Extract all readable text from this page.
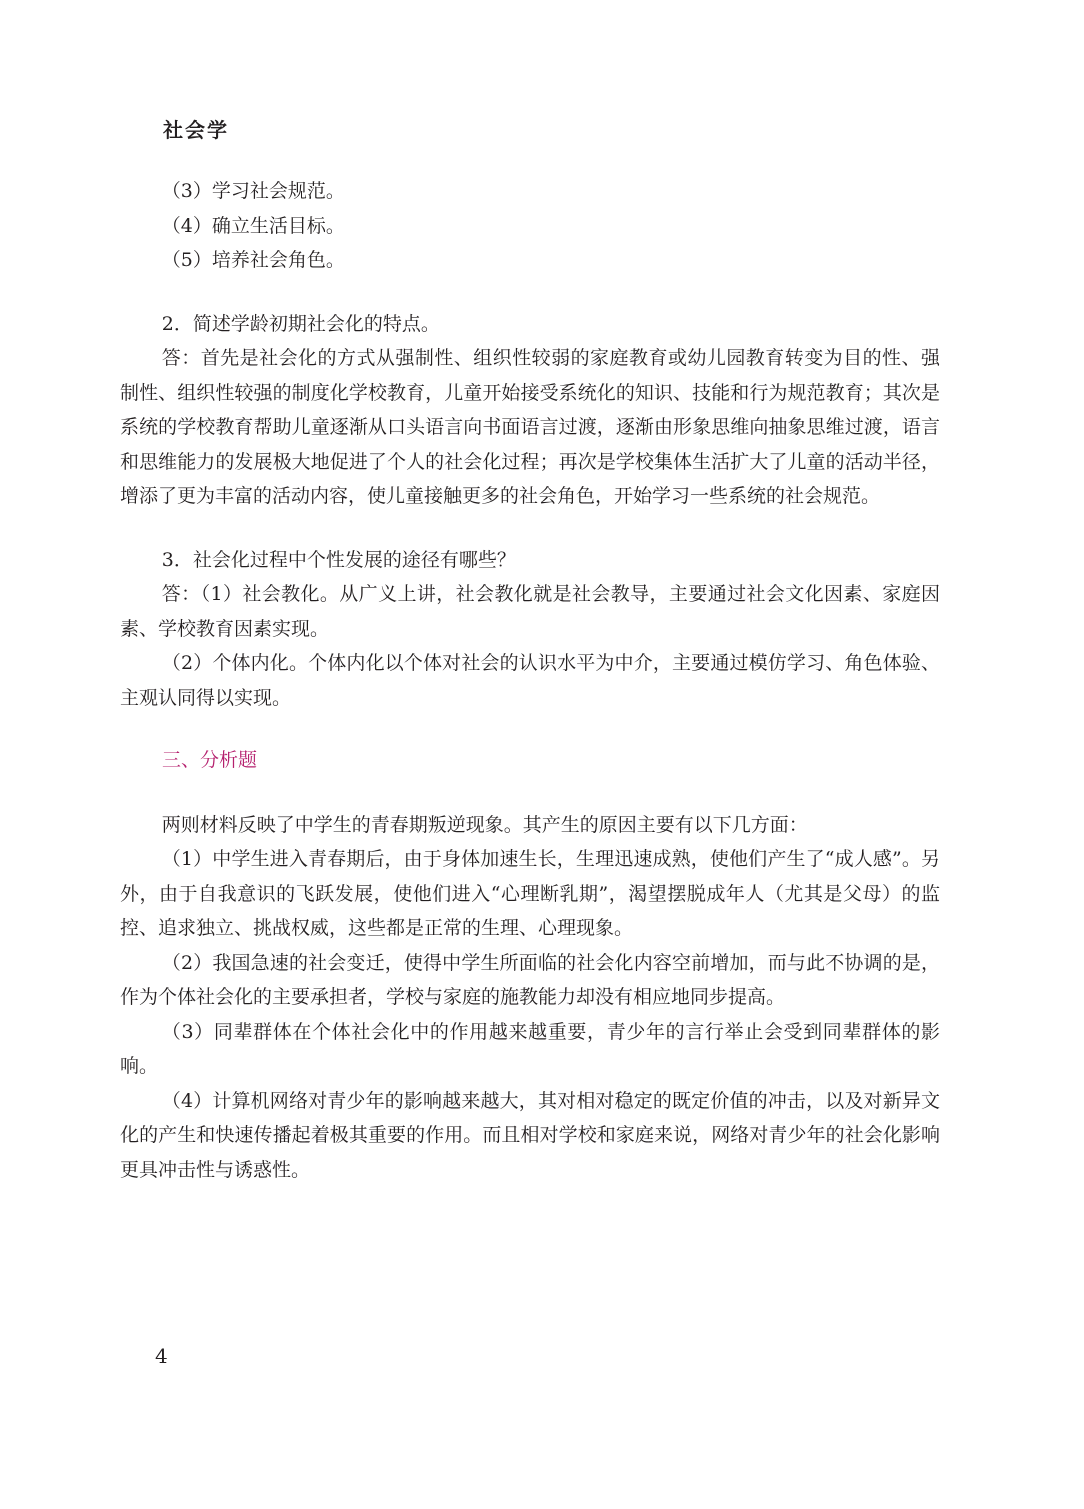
社会学

（3）学习社会规范。

（4）确立生活目标。

（5）培养社会角色。

2．简述学龄初期社会化的特点。

答：首先是社会化的方式从强制性、组织性较弱的家庭教育或幼儿园教育转变为目的性、强制性、组织性较强的制度化学校教育，儿童开始接受系统化的知识、技能和行为规范教育；其次是系统的学校教育帮助儿童逐渐从口头语言向书面语言过渡，逐渐由形象思维向抽象思维过渡，语言和思维能力的发展极大地促进了个人的社会化过程；再次是学校集体生活扩大了儿童的活动半径，增添了更为丰富的活动内容，使儿童接触更多的社会角色，开始学习一些系统的社会规范。

3．社会化过程中个性发展的途径有哪些？

答：（1）社会教化。从广义上讲，社会教化就是社会教导，主要通过社会文化因素、家庭因素、学校教育因素实现。

（2）个体内化。个体内化以个体对社会的认识水平为中介，主要通过模仿学习、角色体验、主观认同得以实现。

三、分析题

两则材料反映了中学生的青春期叛逆现象。其产生的原因主要有以下几方面：

（1）中学生进入青春期后，由于身体加速生长，生理迅速成熟，使他们产生了“成人感”。另外，由于自我意识的飞跃发展，使他们进入“心理断乳期”，渴望摆脱成年人（尤其是父母）的监控、追求独立、挑战权威，这些都是正常的生理、心理现象。

（2）我国急速的社会变迁，使得中学生所面临的社会化内容空前增加，而与此不协调的是，作为个体社会化的主要承担者，学校与家庭的施教能力却没有相应地同步提高。

（3）同辈群体在个体社会化中的作用越来越重要，青少年的言行举止会受到同辈群体的影响。

（4）计算机网络对青少年的影响越来越大，其对相对稳定的既定价值的冲击，以及对新异文化的产生和快速传播起着极其重要的作用。而且相对学校和家庭来说，网络对青少年的社会化影响更具冲击性与诱惑性。

4
